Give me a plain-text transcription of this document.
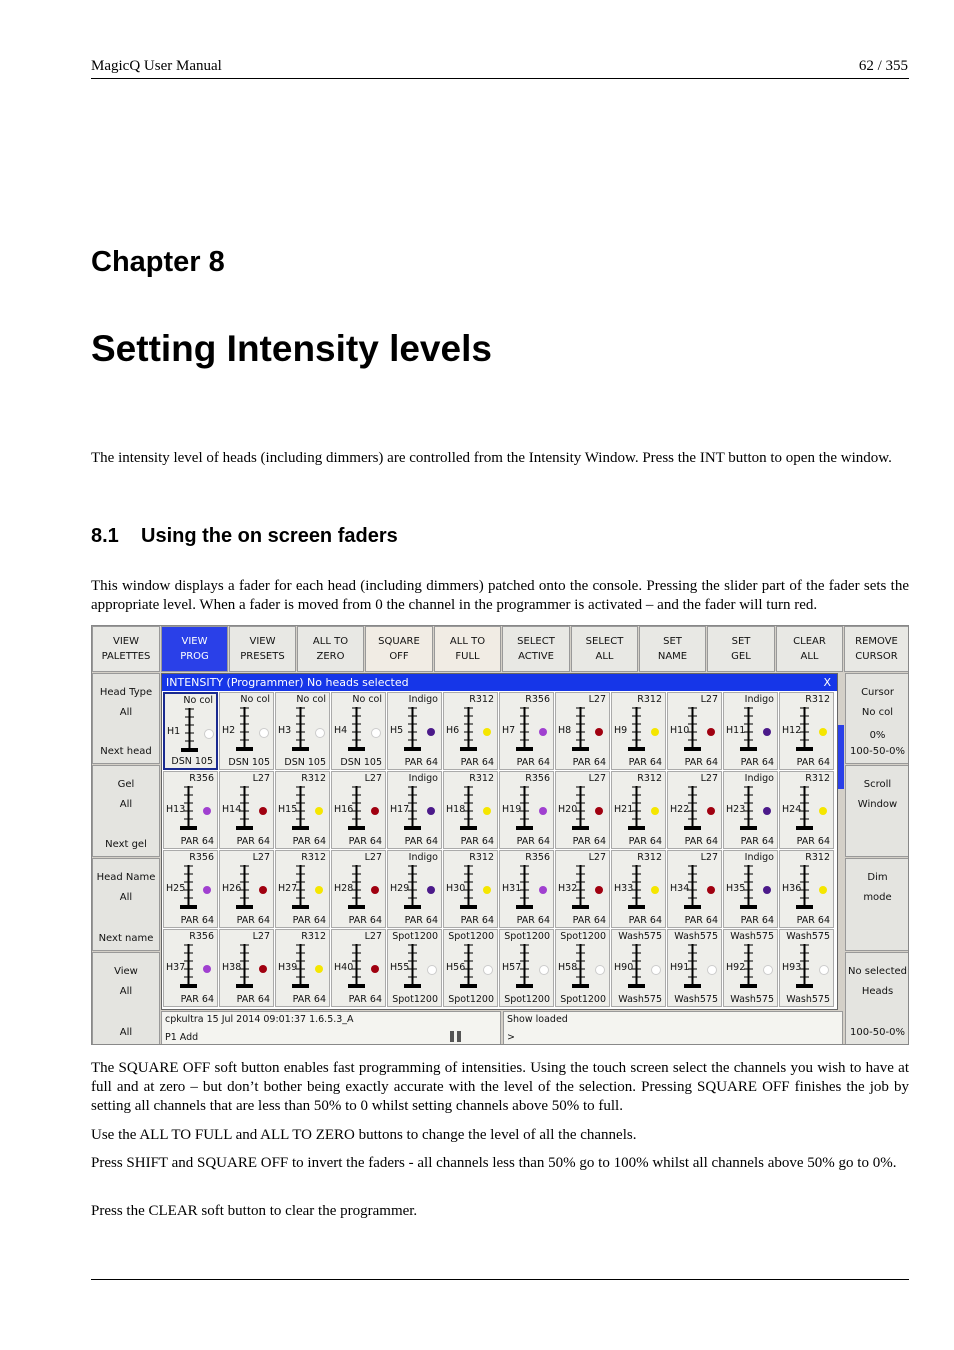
MagicQ User Manual	62 / 355
Chapter 8
Setting Intensity levels
The intensity level of heads (including dimmers) are controlled from the Intensity Window. Press the INT button to open the window.
8.1 Using the on screen faders
This window displays a fader for each head (including dimmers) patched onto the console. Pressing the slider part of the fader sets the appropriate level. When a fader is moved from 0 the channel in the programmer is activated – and the fader will turn red.
VIEW
PALETTES
VIEW
PROG
VIEW
PRESETS
ALL TO
ZERO
SQUARE
OFF
ALL TO
FULL
SELECT
ACTIVE
SELECT
ALL
SET
NAME
SET
GEL
CLEAR
ALL
REMOVE
CURSOR
Head Type
All
Next head
Gel
All
Next gel
Head Name
All
Next name
View
All
All
Cursor
No col
0%
100-50-0%
Scroll
Window
Dim
mode
No selected
Heads
100-50-0%
INTENSITY (Programmer) No heads selected	X
No col
H1
DSN 105
No col
H2
DSN 105
No col
H3
DSN 105
No col
H4
DSN 105
Indigo
H5
PAR 64
R312
H6
PAR 64
R356
H7
PAR 64
L27
H8
PAR 64
R312
H9
PAR 64
L27
H10
PAR 64
Indigo
H11
PAR 64
R312
H12
PAR 64
R356
H13
PAR 64
L27
H14
PAR 64
R312
H15
PAR 64
L27
H16
PAR 64
Indigo
H17
PAR 64
R312
H18
PAR 64
R356
H19
PAR 64
L27
H20
PAR 64
R312
H21
PAR 64
L27
H22
PAR 64
Indigo
H23
PAR 64
R312
H24
PAR 64
R356
H25
PAR 64
L27
H26
PAR 64
R312
H27
PAR 64
L27
H28
PAR 64
Indigo
H29
PAR 64
R312
H30
PAR 64
R356
H31
PAR 64
L27
H32
PAR 64
R312
H33
PAR 64
L27
H34
PAR 64
Indigo
H35
PAR 64
R312
H36
PAR 64
R356
H37
PAR 64
L27
H38
PAR 64
R312
H39
PAR 64
L27
H40
PAR 64
Spot1200
H55
Spot1200
Spot1200
H56
Spot1200
Spot1200
H57
Spot1200
Spot1200
H58
Spot1200
Wash575
H90
Wash575
Wash575
H91
Wash575
Wash575
H92
Wash575
Wash575
H93
Wash575
cpkultra 15 Jul 2014 09:01:37 1.6.5.3_A
P1 Add
Show loaded
>
The SQUARE OFF soft button enables fast programming of intensities. Using the touch screen select the channels you wish to have at full and at zero – but don’t bother being exactly accurate with the level of the selection. Pressing SQUARE OFF finishes the job by setting all channels that are less than 50% to 0 whilst setting channels above 50% to full.
Use the ALL TO FULL and ALL TO ZERO buttons to change the level of all the channels.
Press SHIFT and SQUARE OFF to invert the faders - all channels less than 50% go to 100% whilst all channels above 50% go to 0%.
Press the CLEAR soft button to clear the programmer.
